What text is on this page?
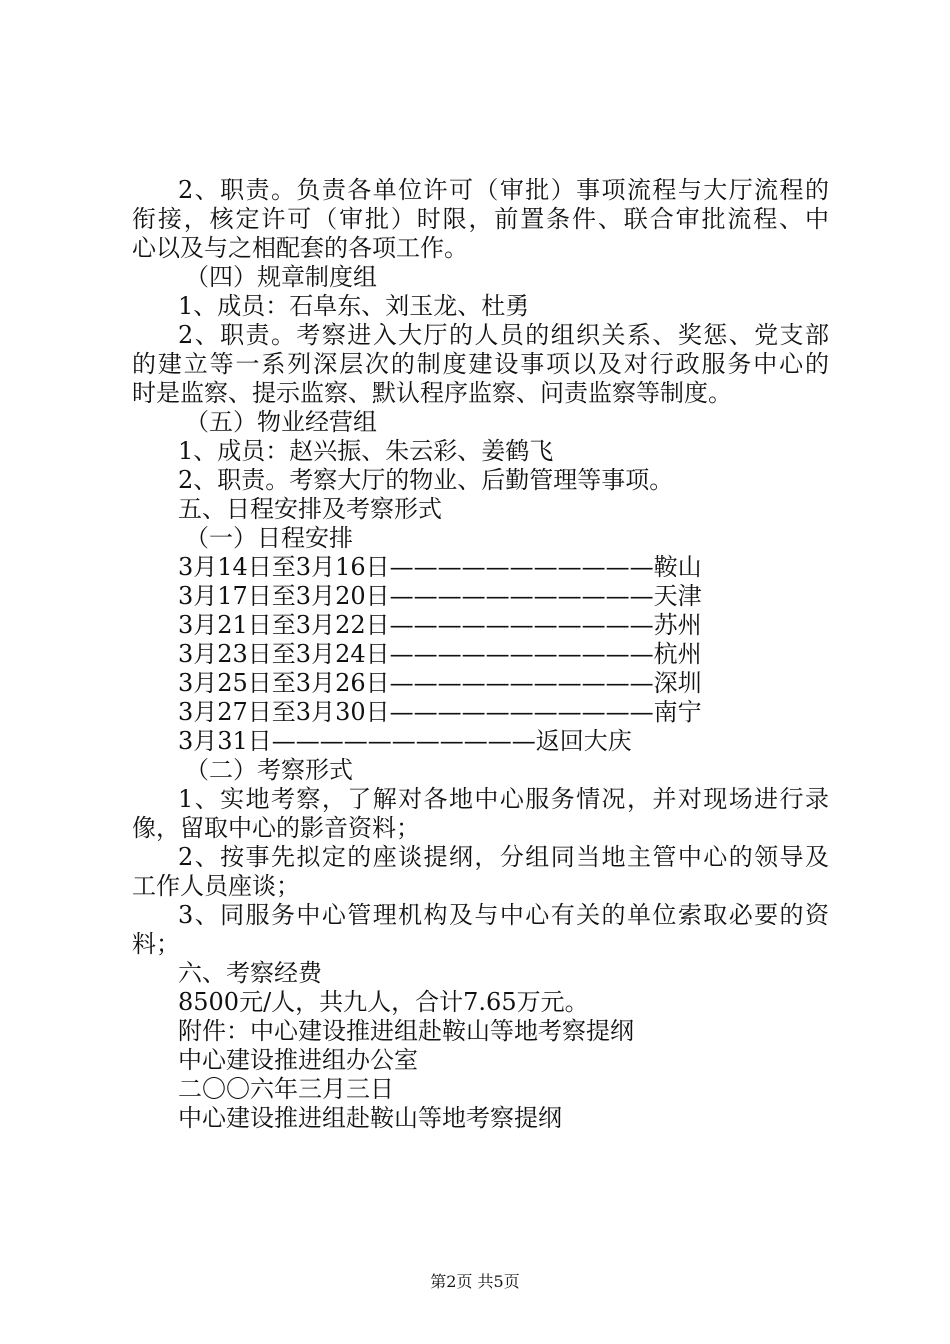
2、职责。负责各单位许可（审批）事项流程与大厅流程的
衔接，核定许可（审批）时限，前置条件、联合审批流程、中
心以及与之相配套的各项工作。
（四）规章制度组
1、成员：石阜东、刘玉龙、杜勇
2、职责。考察进入大厅的人员的组织关系、奖惩、党支部
的建立等一系列深层次的制度建设事项以及对行政服务中心的
时是监察、提示监察、默认程序监察、问责监察等制度。
（五）物业经营组
1、成员：赵兴振、朱云彩、姜鹤飞
2、职责。考察大厅的物业、后勤管理等事项。
五、日程安排及考察形式
（一）日程安排
3月14日至3月16日———————————鞍山
3月17日至3月20日———————————天津
3月21日至3月22日———————————苏州
3月23日至3月24日———————————杭州
3月25日至3月26日———————————深圳
3月27日至3月30日———————————南宁
3月31日———————————返回大庆
（二）考察形式
1、实地考察，了解对各地中心服务情况，并对现场进行录
像，留取中心的影音资料；
2、按事先拟定的座谈提纲，分组同当地主管中心的领导及
工作人员座谈；
3、同服务中心管理机构及与中心有关的单位索取必要的资
料；
六、考察经费
8500元/人，共九人，合计7.65万元。
附件：中心建设推进组赴鞍山等地考察提纲
中心建设推进组办公室
二〇〇六年三月三日
中心建设推进组赴鞍山等地考察提纲
第2页 共5页
